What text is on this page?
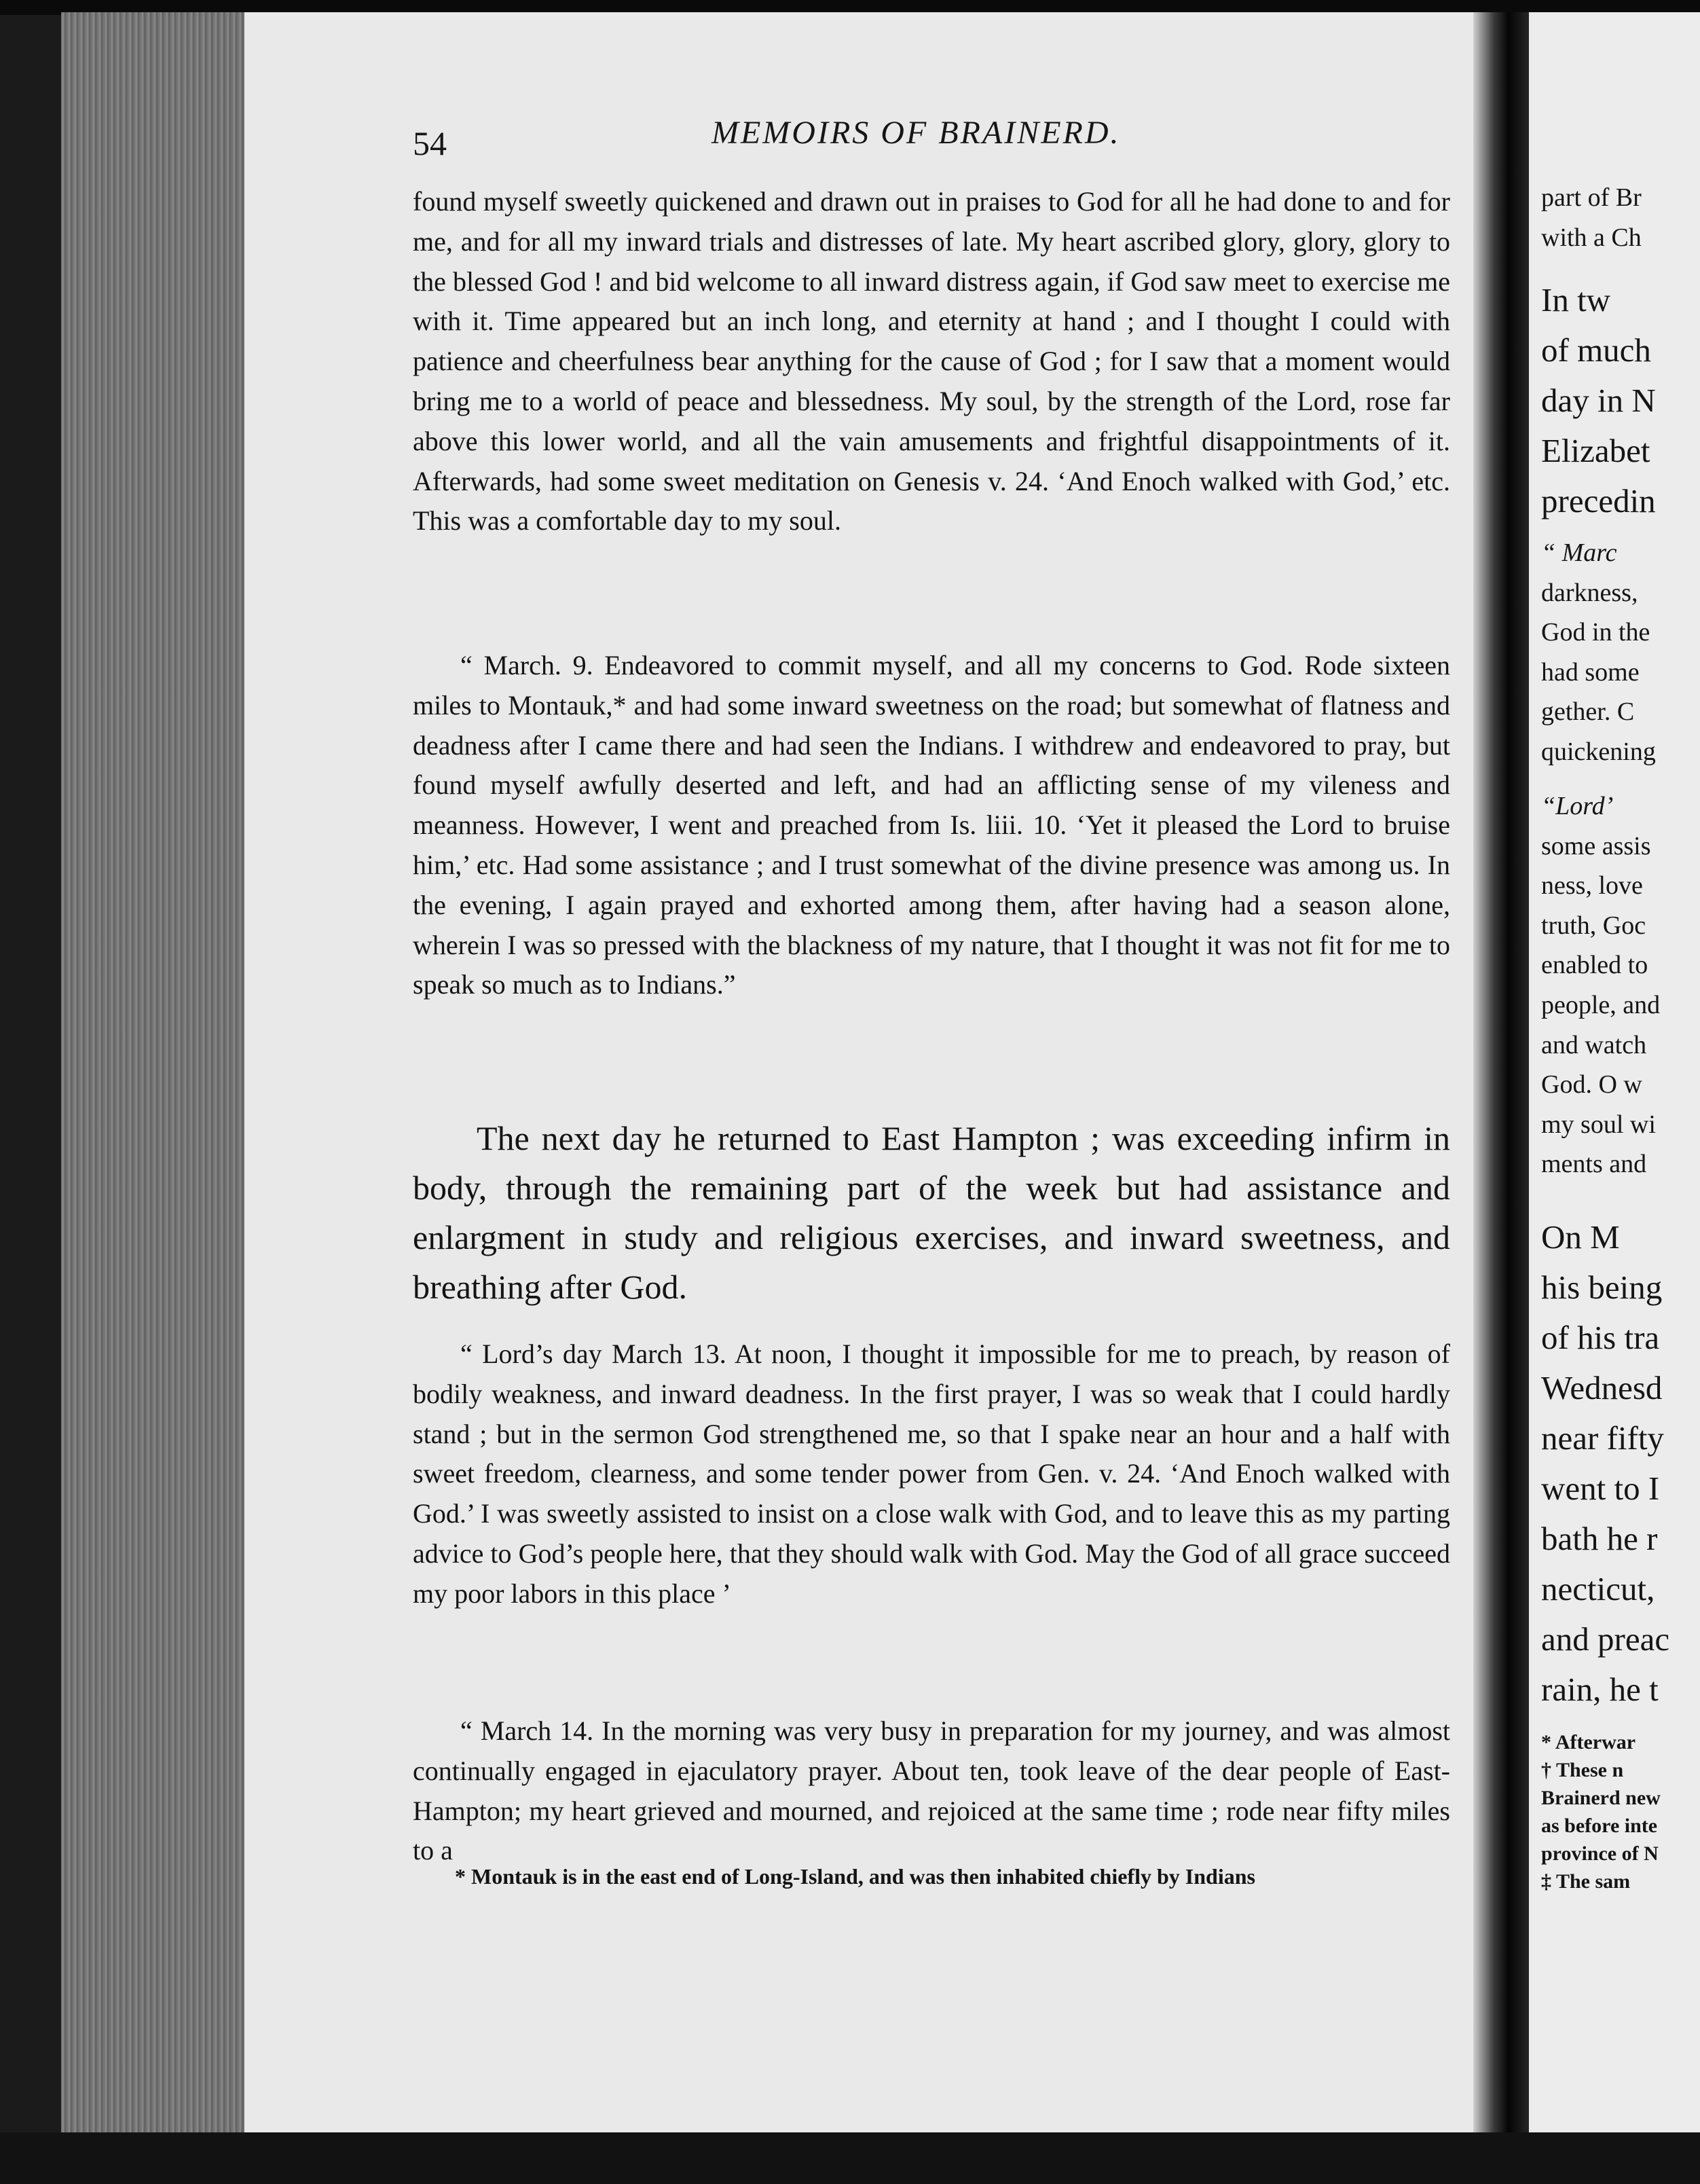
54	MEMOIRS OF BRAINERD.

found myself sweetly quickened and drawn out in praises to God for all he had done to and for me, and for all my inward trials and distresses of late. My heart ascribed glory, glory, glory to the blessed God ! and bid welcome to all inward distress again, if God saw meet to exercise me with it. Time appeared but an inch long, and eternity at hand ; and I thought I could with patience and cheerfulness bear anything for the cause of God ; for I saw that a moment would bring me to a world of peace and blessedness. My soul, by the strength of the Lord, rose far above this lower world, and all the vain amusements and frightful disappointments of it. Afterwards, had some sweet meditation on Genesis v. 24. ‘And Enoch walked with God,’ etc. This was a comfortable day to my soul.

“ March. 9. Endeavored to commit myself, and all my concerns to God. Rode sixteen miles to Montauk,* and had some inward sweetness on the road; but somewhat of flatness and deadness after I came there and had seen the Indians. I withdrew and endeavored to pray, but found myself awfully deserted and left, and had an afflicting sense of my vileness and meanness. However, I went and preached from Is. liii. 10. ‘Yet it pleased the Lord to bruise him,’ etc. Had some assistance ; and I trust somewhat of the divine presence was among us. In the evening, I again prayed and exhorted among them, after having had a season alone, wherein I was so pressed with the blackness of my nature, that I thought it was not fit for me to speak so much as to Indians.”

The next day he returned to East Hampton ; was exceeding infirm in body, through the remaining part of the week but had assistance and enlargment in study and religious exercises, and inward sweetness, and breathing after God.

“ Lord’s day March 13. At noon, I thought it impossible for me to preach, by reason of bodily weakness, and inward deadness. In the first prayer, I was so weak that I could hardly stand ; but in the sermon God strengthened me, so that I spake near an hour and a half with sweet freedom, clearness, and some tender power from Gen. v. 24. ‘And Enoch walked with God.’ I was sweetly assisted to insist on a close walk with God, and to leave this as my parting advice to God’s people here, that they should walk with God. May the God of all grace succeed my poor labors in this place ’

“ March 14. In the morning was very busy in preparation for my journey, and was almost continually engaged in ejaculatory prayer. About ten, took leave of the dear people of East-Hampton; my heart grieved and mourned, and rejoiced at the same time ; rode near fifty miles to a

* Montauk is in the east end of Long-Island, and was then inhabited chiefly by Indians
part of Br
with a Ch
In tw
of much
day in N
Elizabet
precedin
“ Marc
darkness,
God in the
had some
gether. C
quickening
“Lord’
some assis
ness, love
truth, Goc
enabled to
people, and
and watch
God. O w
my soul wi
ments and
On M
his being
of his tra
Wednesd
near fifty
went to I
bath he r
necticut,
and preac
rain, he t
* Afterwar
† These n
Brainerd new
as before inte
province of N
‡ The sam
